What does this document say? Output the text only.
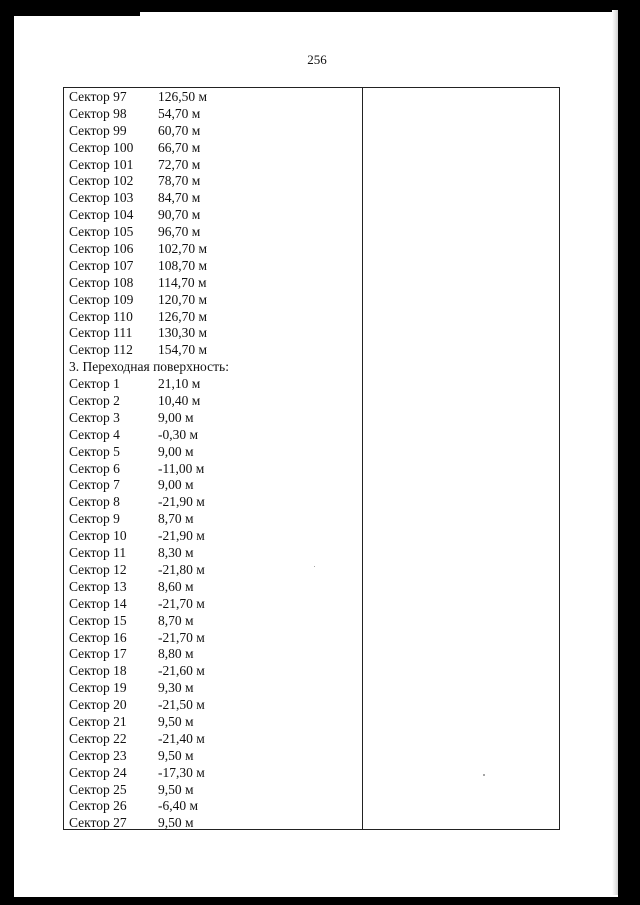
256
Сектор 97 126,50 м
Сектор 98 54,70 м
Сектор 99 60,70 м
Сектор 100 66,70 м
Сектор 101 72,70 м
Сектор 102 78,70 м
Сектор 103 84,70 м
Сектор 104 90,70 м
Сектор 105 96,70 м
Сектор 106 102,70 м
Сектор 107 108,70 м
Сектор 108 114,70 м
Сектор 109 120,70 м
Сектор 110 126,70 м
Сектор 111 130,30 м
Сектор 112 154,70 м
3. Переходная поверхность:
Сектор 1	21,10 м
Сектор 2	10,40 м
Сектор 3	9,00 м
Сектор 4	-0,30 м
Сектор 5	9,00 м
Сектор 6	-11,00 м
Сектор 7	9,00 м
Сектор 8	-21,90 м
Сектор 9	8,70 м
Сектор 10 -21,90 м
Сектор 11 8,30 м
Сектор 12 -21,80 м
Сектор 13 8,60 м
Сектор 14 -21,70 м
Сектор 15 8,70 м
Сектор 16 -21,70 м
Сектор 17 8,80 м
Сектор 18 -21,60 м
Сектор 19 9,30 м
Сектор 20 -21,50 м
Сектор 21 9,50 м
Сектор 22 -21,40 м
Сектор 23 9,50 м
Сектор 24 -17,30 м
Сектор 25 9,50 м
Сектор 26 -6,40 м
Сектор 27 9,50 м
